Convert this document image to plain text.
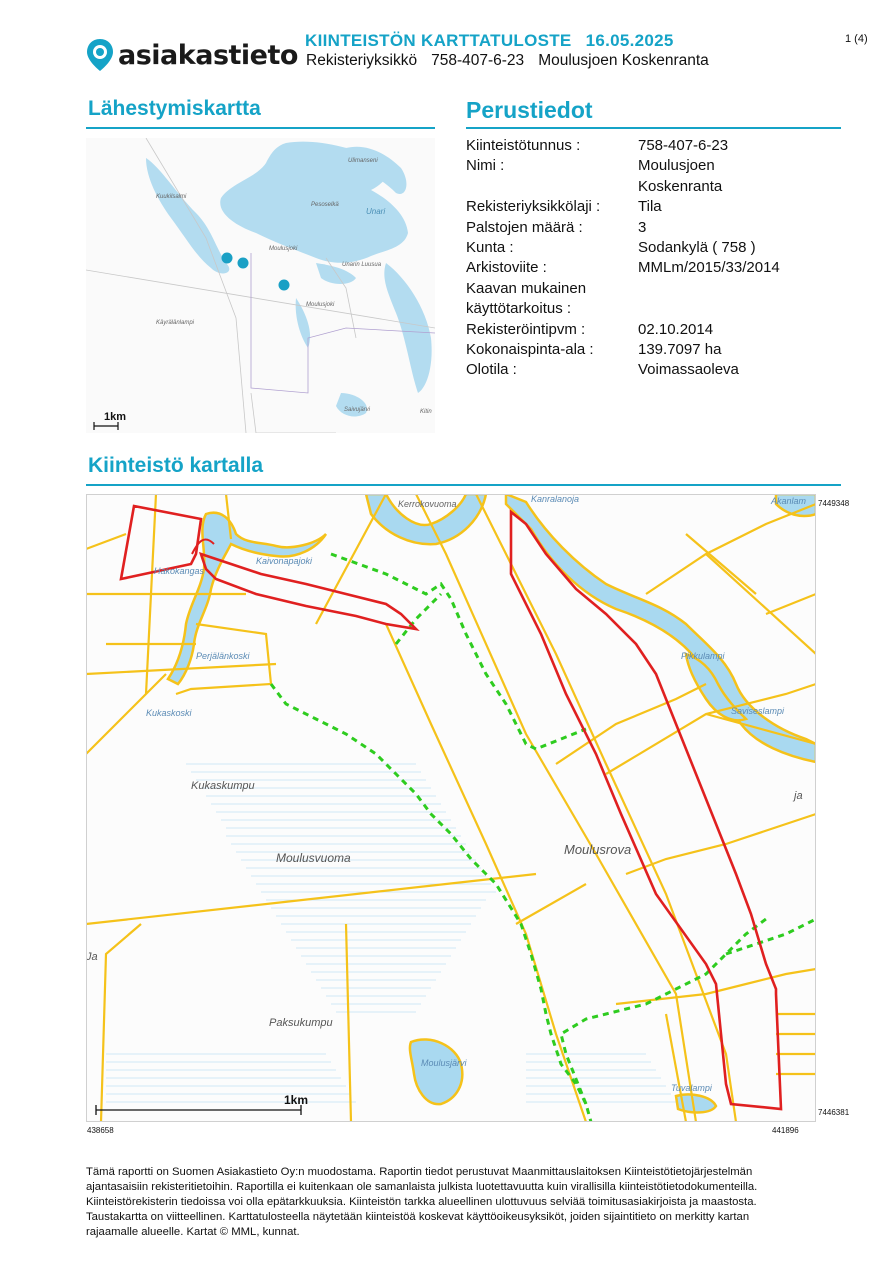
asiakastieto KIINTEISTÖN KARTTATULOSTE 16.05.2025
Rekisteriyksikkö 758-407-6-23 Moulusjoen Koskenranta
1 (4)
Lähestymiskartta	Perustiedot
Kiinteistö kartalla
Kiinteistötunnus :	758-407-6-23
Nimi :	Moulusjoen
Koskenranta
Rekisteriyksikkölaji :	Tila
Palstojen määrä :	3
Kunta :	Sodankylä ( 758 )
Arkistoviite :	MMLm/2015/33/2014
Kaavan mukainen
käyttötarkoitus :
Rekisteröintipvm :	02.10.2014
Kokonaispinta-ala :	139.7097 ha
Olotila :	Voimassaoleva
Ulimanseni
Kuukilsalmi
Pesoselkä
Unari
Unarin Luusua
Moulusjoki
Moulusjoki
Käyrälänlampi
Saivujärvi	Kitin
1km
Hakokangas
Kaivonapajoki
Kerrokovuoma	Akanlam
Perjälänkoski	Pikkulampi
Saviseslampi
Kukaskoski
Moulusjärvi
Tuvalampi
Kanralanoja
Kukaskumpu
Moulusvuoma
Moulusrova
Paksukumpu
Ja
ja
1km
7449348
7446381
438658	441896
Tämä raportti on Suomen Asiakastieto Oy:n muodostama. Raportin tiedot perustuvat Maanmittauslaitoksen Kiinteistötietojärjestelmän ajantasaisiin rekisteritietoihin. Raportilla ei kuitenkaan ole samanlaista julkista luotettavuutta kuin virallisilla kiinteistötietodokumenteilla. Kiinteistörekisterin tiedoissa voi olla epätarkkuuksia. Kiinteistön tarkka alueellinen ulottuvuus selviää toimitusasiakirjoista ja maastosta. Taustakartta on viitteellinen. Karttatulosteella näytetään kiinteistöä koskevat käyttöoikeusyksiköt, joiden sijaintitieto on merkitty kartan rajaamalle alueelle. Kartat © MML, kunnat.
